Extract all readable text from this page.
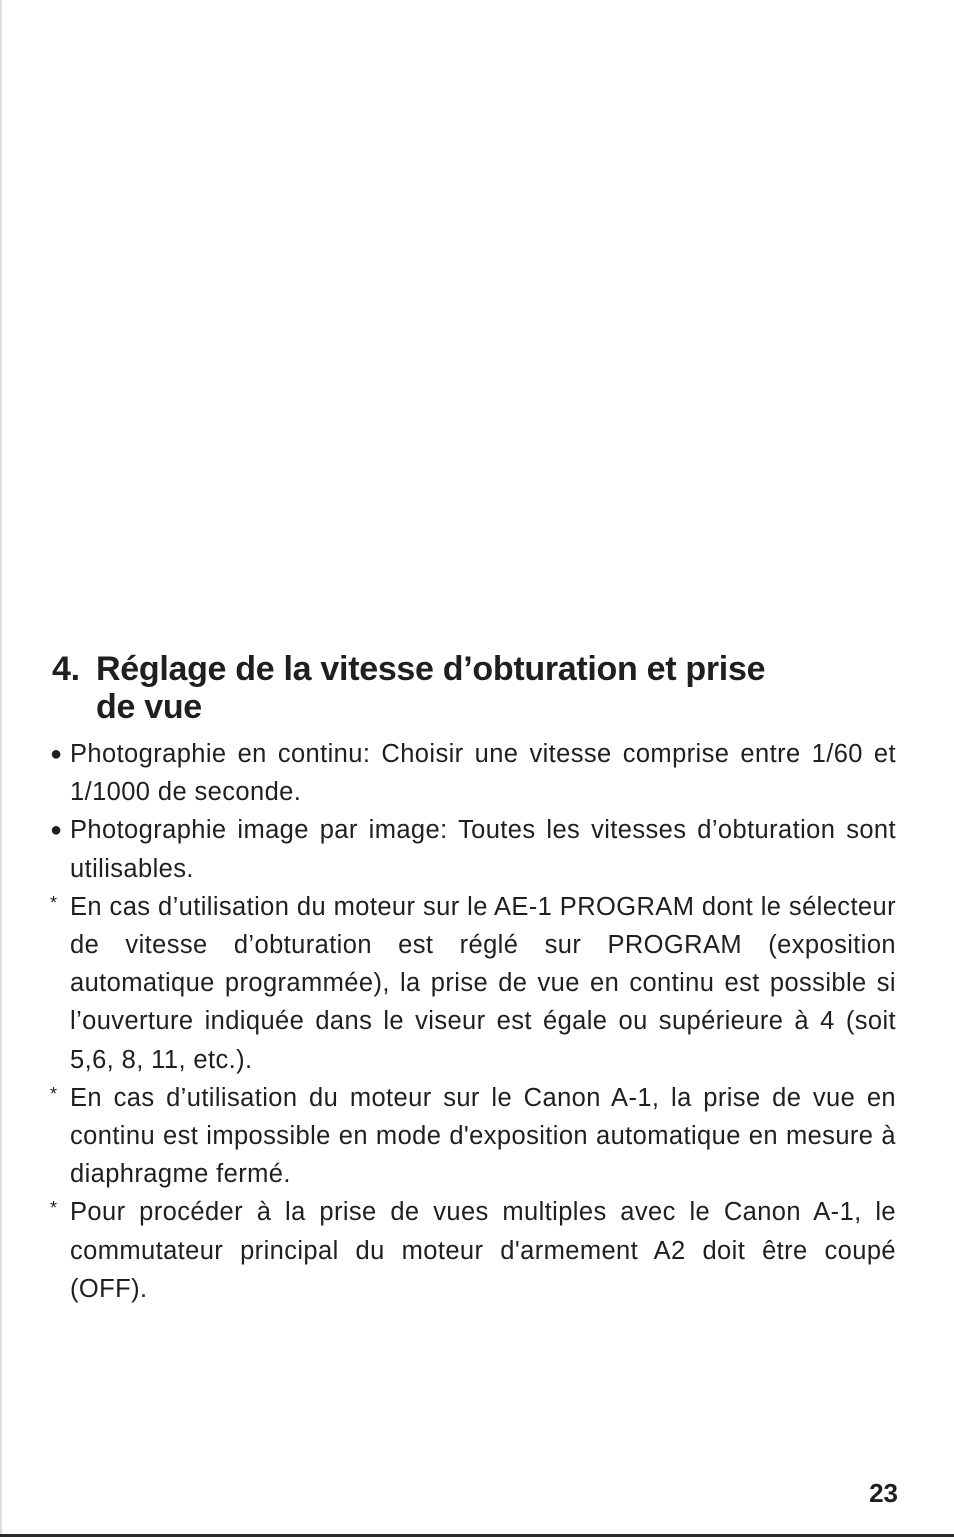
4. Réglage de la vitesse d’obturation et prise
de vue
● Photographie en continu: Choisir une vitesse comprise entre 1/60 et 1/1000 de seconde.
● Photographie image par image: Toutes les vitesses d’obturation sont utilisables.
* En cas d’utilisation du moteur sur le AE-1 PROGRAM dont le sélecteur de vitesse d’obturation est réglé sur PROGRAM (exposition automatique programmée), la prise de vue en continu est possible si l’ouverture indiquée dans le viseur est égale ou supérieure à 4 (soit 5,6, 8, 11, etc.).
* En cas d’utilisation du moteur sur le Canon A-1, la prise de vue en continu est impossible en mode d'exposition automatique en mesure à diaphragme fermé.
* Pour procéder à la prise de vues multiples avec le Canon A-1, le commutateur principal du moteur d'armement A2 doit être coupé (OFF).
23
